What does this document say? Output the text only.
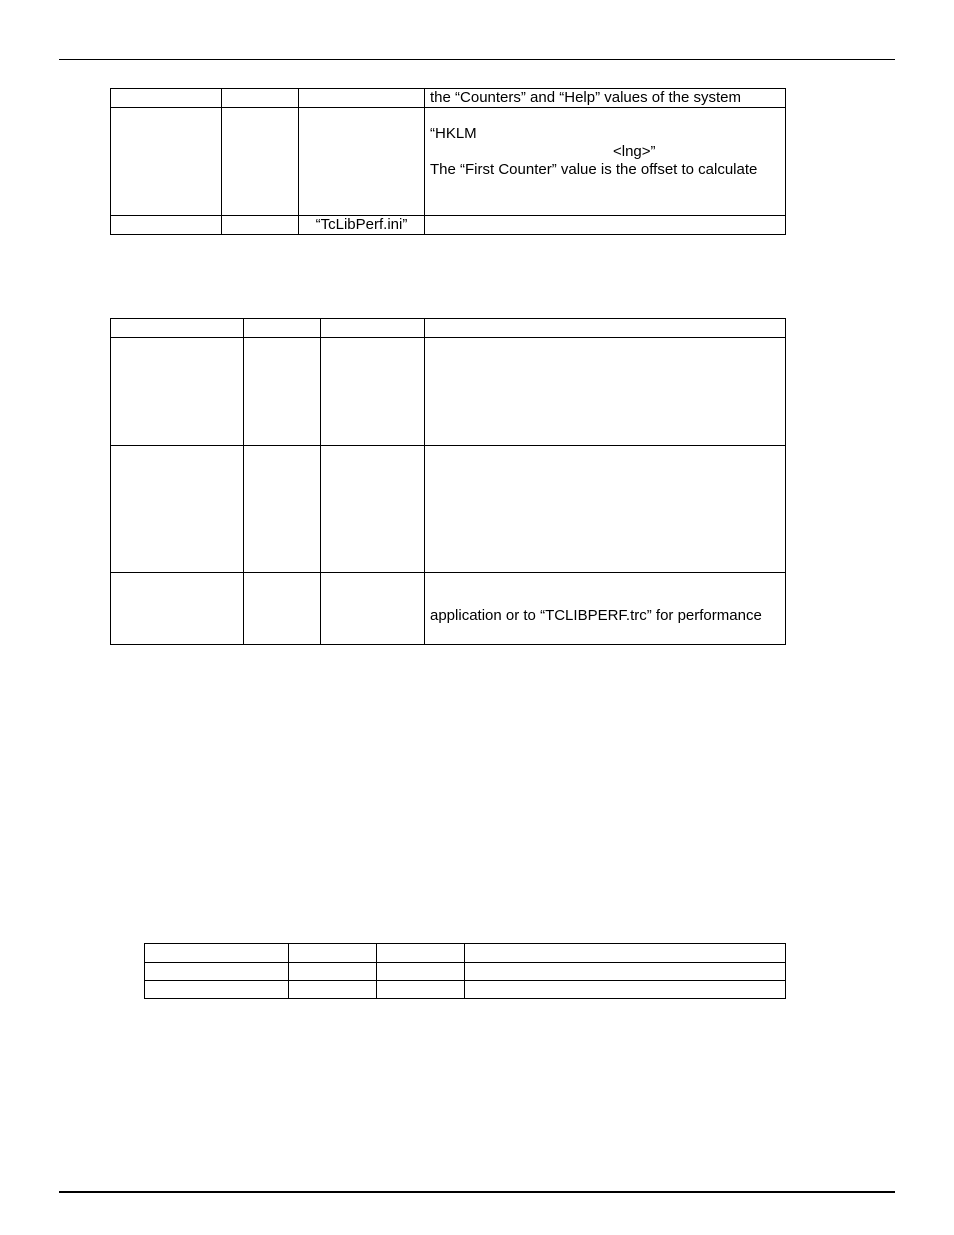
			the “Counters” and “Help” values of the system

			“HKLM
<lng>”
The “First Counter” value is the offset to calculate

		“TcLibPerf.ini”	

			application or to “TCLIBPERF.trc” for performance
